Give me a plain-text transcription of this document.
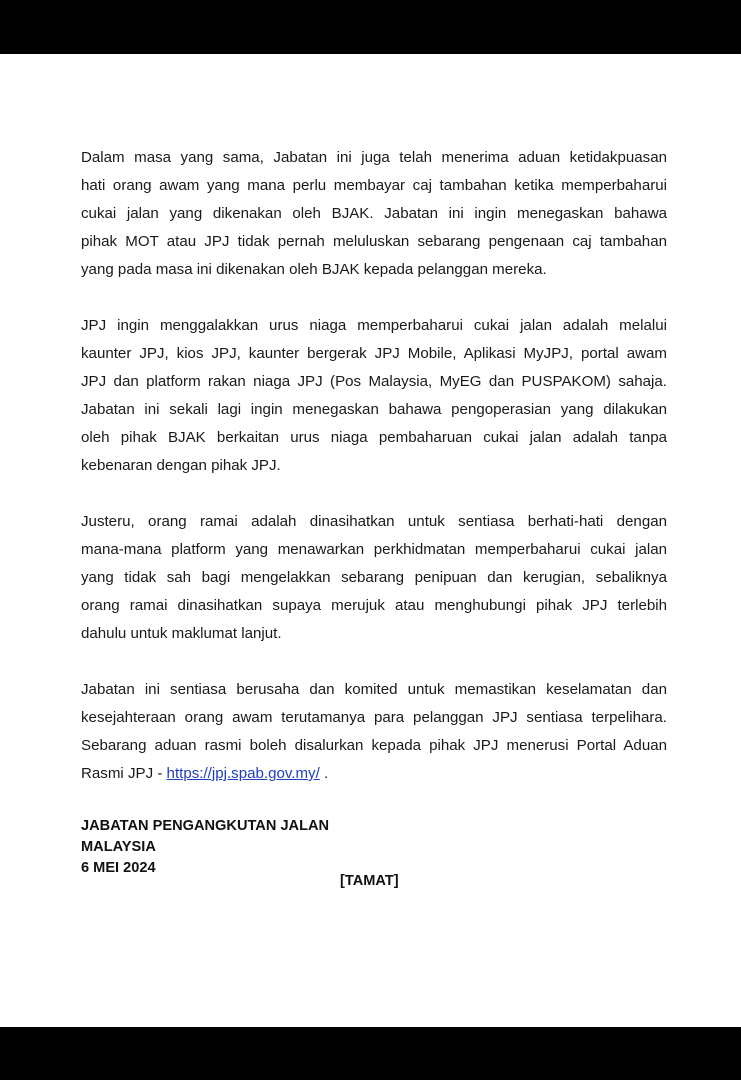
Dalam masa yang sama, Jabatan ini juga telah menerima aduan ketidakpuasan
hati orang awam yang mana perlu membayar caj tambahan ketika memperbaharui
cukai jalan yang dikenakan oleh BJAK. Jabatan ini ingin menegaskan bahawa
pihak MOT atau JPJ tidak pernah meluluskan sebarang pengenaan caj tambahan
yang pada masa ini dikenakan oleh BJAK kepada pelanggan mereka.
JPJ ingin menggalakkan urus niaga memperbaharui cukai jalan adalah melalui
kaunter JPJ, kios JPJ, kaunter bergerak JPJ Mobile, Aplikasi MyJPJ, portal awam
JPJ dan platform rakan niaga JPJ (Pos Malaysia, MyEG dan PUSPAKOM) sahaja.
Jabatan ini sekali lagi ingin menegaskan bahawa pengoperasian yang dilakukan
oleh pihak BJAK berkaitan urus niaga pembaharuan cukai jalan adalah tanpa
kebenaran dengan pihak JPJ.
Justeru, orang ramai adalah dinasihatkan untuk sentiasa berhati-hati dengan
mana-mana platform yang menawarkan perkhidmatan memperbaharui cukai jalan
yang tidak sah bagi mengelakkan sebarang penipuan dan kerugian, sebaliknya
orang ramai dinasihatkan supaya merujuk atau menghubungi pihak JPJ terlebih
dahulu untuk maklumat lanjut.
Jabatan ini sentiasa berusaha dan komited untuk memastikan keselamatan dan
kesejahteraan orang awam terutamanya para pelanggan JPJ sentiasa terpelihara.
Sebarang aduan rasmi boleh disalurkan kepada pihak JPJ menerusi Portal Aduan
Rasmi JPJ - https://jpj.spab.gov.my/ .
JABATAN PENGANGKUTAN JALAN
MALAYSIA
6 MEI 2024
[TAMAT]
